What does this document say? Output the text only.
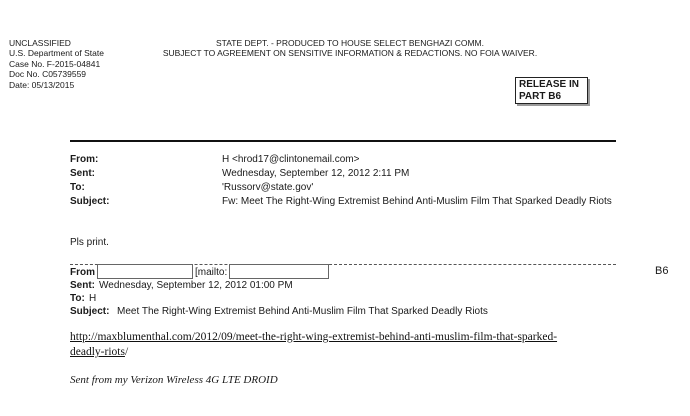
UNCLASSIFIED
U.S. Department of State
Case No. F-2015-04841
Doc No. C05739559
Date: 05/13/2015
STATE DEPT. - PRODUCED TO HOUSE SELECT BENGHAZI COMM.
SUBJECT TO AGREEMENT ON SENSITIVE INFORMATION & REDACTIONS. NO FOIA WAIVER.
RELEASE IN
PART B6
From:	H <hrod17@clintonemail.com>
Sent:	Wednesday, September 12, 2012 2:11 PM
To:	'Russorv@state.gov'
Subject:	Fw: Meet The Right-Wing Extremist Behind Anti-Muslim Film That Sparked Deadly Riots
Pls print.
From	[mailto:	B6
Sent: Wednesday, September 12, 2012 01:00 PM
To: H
Subject: Meet The Right-Wing Extremist Behind Anti-Muslim Film That Sparked Deadly Riots
http://maxblumenthal.com/2012/09/meet-the-right-wing-extremist-behind-anti-muslim-film-that-sparked-
deadly-riots/
Sent from my Verizon Wireless 4G LTE DROID
